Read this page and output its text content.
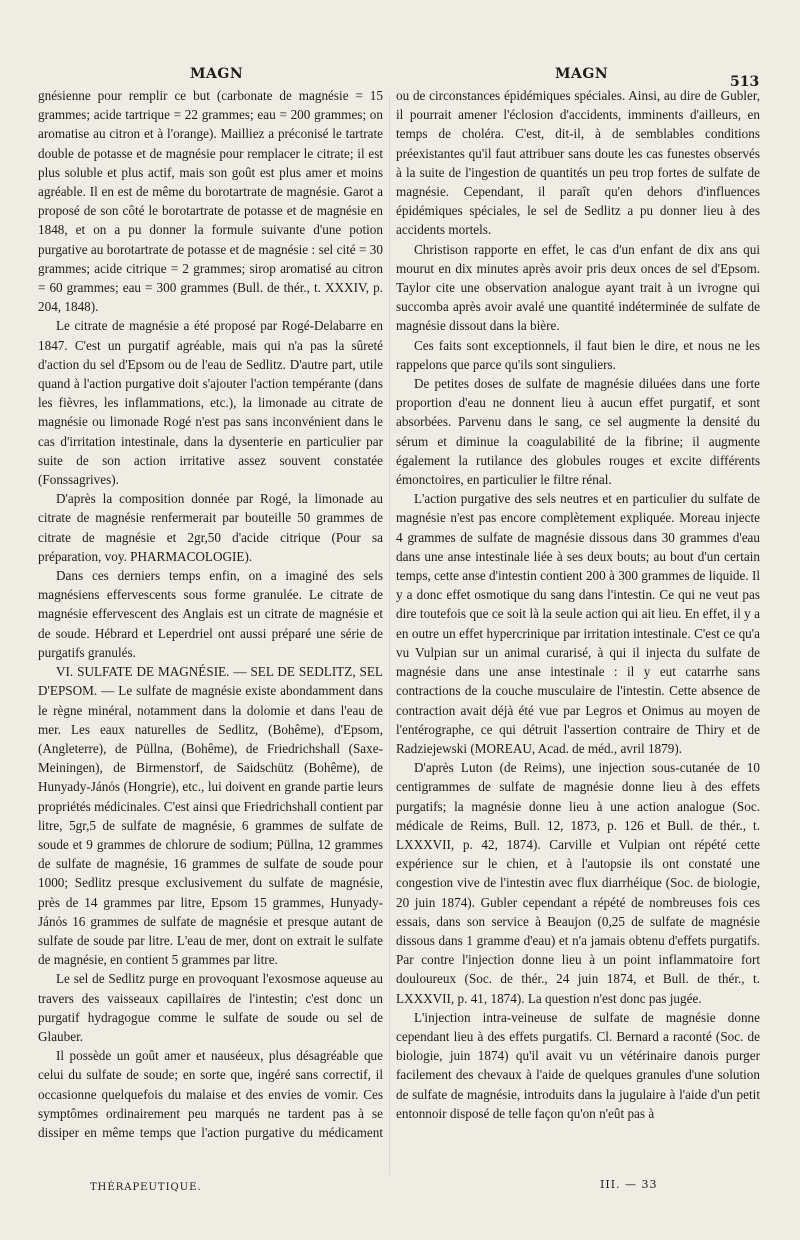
MAGN	MAGN	513

gnésienne pour remplir ce but (carbonate de magnésie = 15 grammes; acide tartrique = 22 grammes; eau = 200 grammes; on aromatise au citron et à l'orange). Mailliez a préconisé le tartrate double de potasse et de magnésie pour remplacer le citrate; il est plus soluble et plus actif, mais son goût est plus amer et moins agréable. Il en est de même du borotartrate de magnésie. Garot a proposé de son côté le borotartrate de potasse et de magnésie en 1848, et on a pu donner la formule suivante d'une potion purgative au borotartrate de potasse et de magnésie : sel cité = 30 grammes; acide citrique = 2 grammes; sirop aromatisé au citron = 60 grammes; eau = 300 grammes (Bull. de thér., t. XXXIV, p. 204, 1848).

Le citrate de magnésie a été proposé par Rogé-Delabarre en 1847. C'est un purgatif agréable, mais qui n'a pas la sûreté d'action du sel d'Epsom ou de l'eau de Sedlitz. D'autre part, utile quand à l'action purgative doit s'ajouter l'action tempérante (dans les fièvres, les inflammations, etc.), la limonade au citrate de magnésie ou limonade Rogé n'est pas sans inconvénient dans le cas d'irritation intestinale, dans la dysenterie en particulier par suite de son action irritative assez souvent constatée (Fonssagrives).

D'après la composition donnée par Rogé, la limonade au citrate de magnésie renfermerait par bouteille 50 grammes de citrate de magnésie et 2gr,50 d'acide citrique (Pour sa préparation, voy. PHARMACOLOGIE).

Dans ces derniers temps enfin, on a imaginé des sels magnésiens effervescents sous forme granulée. Le citrate de magnésie effervescent des Anglais est un citrate de magnésie et de soude. Hébrard et Leperdriel ont aussi préparé une série de purgatifs granulés.

VI. SULFATE DE MAGNÉSIE. — SEL DE SEDLITZ, SEL D'EPSOM. — Le sulfate de magnésie existe abondamment dans le règne minéral, notamment dans la dolomie et dans l'eau de mer. Les eaux naturelles de Sedlitz, (Bohême), d'Epsom, (Angleterre), de Püllna, (Bohême), de Friedrichshall (Saxe-Meiningen), de Birmenstorf, de Saidschütz (Bohême), de Hunyady-Jánόs (Hongrie), etc., lui doivent en grande partie leurs propriétés médicinales. C'est ainsi que Friedrichshall contient par litre, 5gr,5 de sulfate de magnésie, 6 grammes de sulfate de soude et 9 grammes de chlorure de sodium; Püllna, 12 grammes de sulfate de magnésie, 16 grammes de sulfate de soude pour 1000; Sedlitz presque exclusivement du sulfate de magnésie, près de 14 grammes par litre, Epsom 15 grammes, Hunyady-Jánόs 16 grammes de sulfate de magnésie et presque autant de sulfate de soude par litre. L'eau de mer, dont on extrait le sulfate de magnésie, en contient 5 grammes par litre.

Le sel de Sedlitz purge en provoquant l'exosmose aqueuse au travers des vaisseaux capillaires de l'intestin; c'est donc un purgatif hydragogue comme le sulfate de soude ou sel de Glauber.

Il possède un goût amer et nauséeux, plus désagréable que celui du sulfate de soude; en sorte que, ingéré sans correctif, il occasionne quelquefois du malaise et des envies de vomir. Ces symptômes ordinairement peu marqués ne tardent pas à se dissiper en même temps que l'action purgative du médicament

ou de circonstances épidémiques spéciales. Ainsi, au dire de Gubler, il pourrait amener l'éclosion d'accidents, imminents d'ailleurs, en temps de choléra. C'est, dit-il, à de semblables conditions préexistantes qu'il faut attribuer sans doute les cas funestes observés à la suite de l'ingestion de quantités un peu trop fortes de sulfate de magnésie. Cependant, il paraît qu'en dehors d'influences épidémiques spéciales, le sel de Sedlitz a pu donner lieu à des accidents mortels.

Christison rapporte en effet, le cas d'un enfant de dix ans qui mourut en dix minutes après avoir pris deux onces de sel d'Epsom. Taylor cite une observation analogue ayant trait à un ivrogne qui succomba après avoir avalé une quantité indéterminée de sulfate de magnésie dissout dans la bière.

Ces faits sont exceptionnels, il faut bien le dire, et nous ne les rappelons que parce qu'ils sont singuliers.

De petites doses de sulfate de magnésie diluées dans une forte proportion d'eau ne donnent lieu à aucun effet purgatif, et sont absorbées. Parvenu dans le sang, ce sel augmente la densité du sérum et diminue la coagulabilité de la fibrine; il augmente également la rutilance des globules rouges et excite différents émonctoires, en particulier le filtre rénal.

L'action purgative des sels neutres et en particulier du sulfate de magnésie n'est pas encore complètement expliquée. Moreau injecte 4 grammes de sulfate de magnésie dissous dans 30 grammes d'eau dans une anse intestinale liée à ses deux bouts; au bout d'un certain temps, cette anse d'intestin contient 200 à 300 grammes de liquide. Il y a donc effet osmotique du sang dans l'intestin. Ce qui ne veut pas dire toutefois que ce soit là la seule action qui ait lieu. En effet, il y a en outre un effet hypercrinique par irritation intestinale. C'est ce qu'a vu Vulpian sur un animal curarisé, à qui il injecta du sulfate de magnésie dans une anse intestinale : il y eut catarrhe sans contractions de la couche musculaire de l'intestin. Cette absence de contraction avait déjà été vue par Legros et Onimus au moyen de l'entérographe, ce qui détruit l'assertion contraire de Thiry et de Radziejewski (MOREAU, Acad. de méd., avril 1879).

D'après Luton (de Reims), une injection sous-cutanée de 10 centigrammes de sulfate de magnésie donne lieu à des effets purgatifs; la magnésie donne lieu à une action analogue (Soc. médicale de Reims, Bull. 12, 1873, p. 126 et Bull. de thér., t. LXXXVII, p. 42, 1874). Carville et Vulpian ont répété cette expérience sur le chien, et à l'autopsie ils ont constaté une congestion vive de l'intestin avec flux diarrhéique (Soc. de biologie, 20 juin 1874). Gubler cependant a répété de nombreuses fois ces essais, dans son service à Beaujon (0,25 de sulfate de magnésie dissous dans 1 gramme d'eau) et n'a jamais obtenu d'effets purgatifs. Par contre l'injection donne lieu à un point inflammatoire fort douloureux (Soc. de thér., 24 juin 1874, et Bull. de thér., t. LXXXVII, p. 41, 1874). La question n'est donc pas jugée.

L'injection intra-veineuse de sulfate de magnésie donne cependant lieu à des effets purgatifs. Cl. Bernard a raconté (Soc. de biologie, juin 1874) qu'il avait vu un vétérinaire danois purger facilement des chevaux à l'aide de quelques granules d'une solution de sulfate de magnésie, introduits dans la jugulaire à l'aide d'un petit entonnoir disposé de telle façon qu'on n'eût pas à

THÉRAPEUTIQUE.	III. — 33
